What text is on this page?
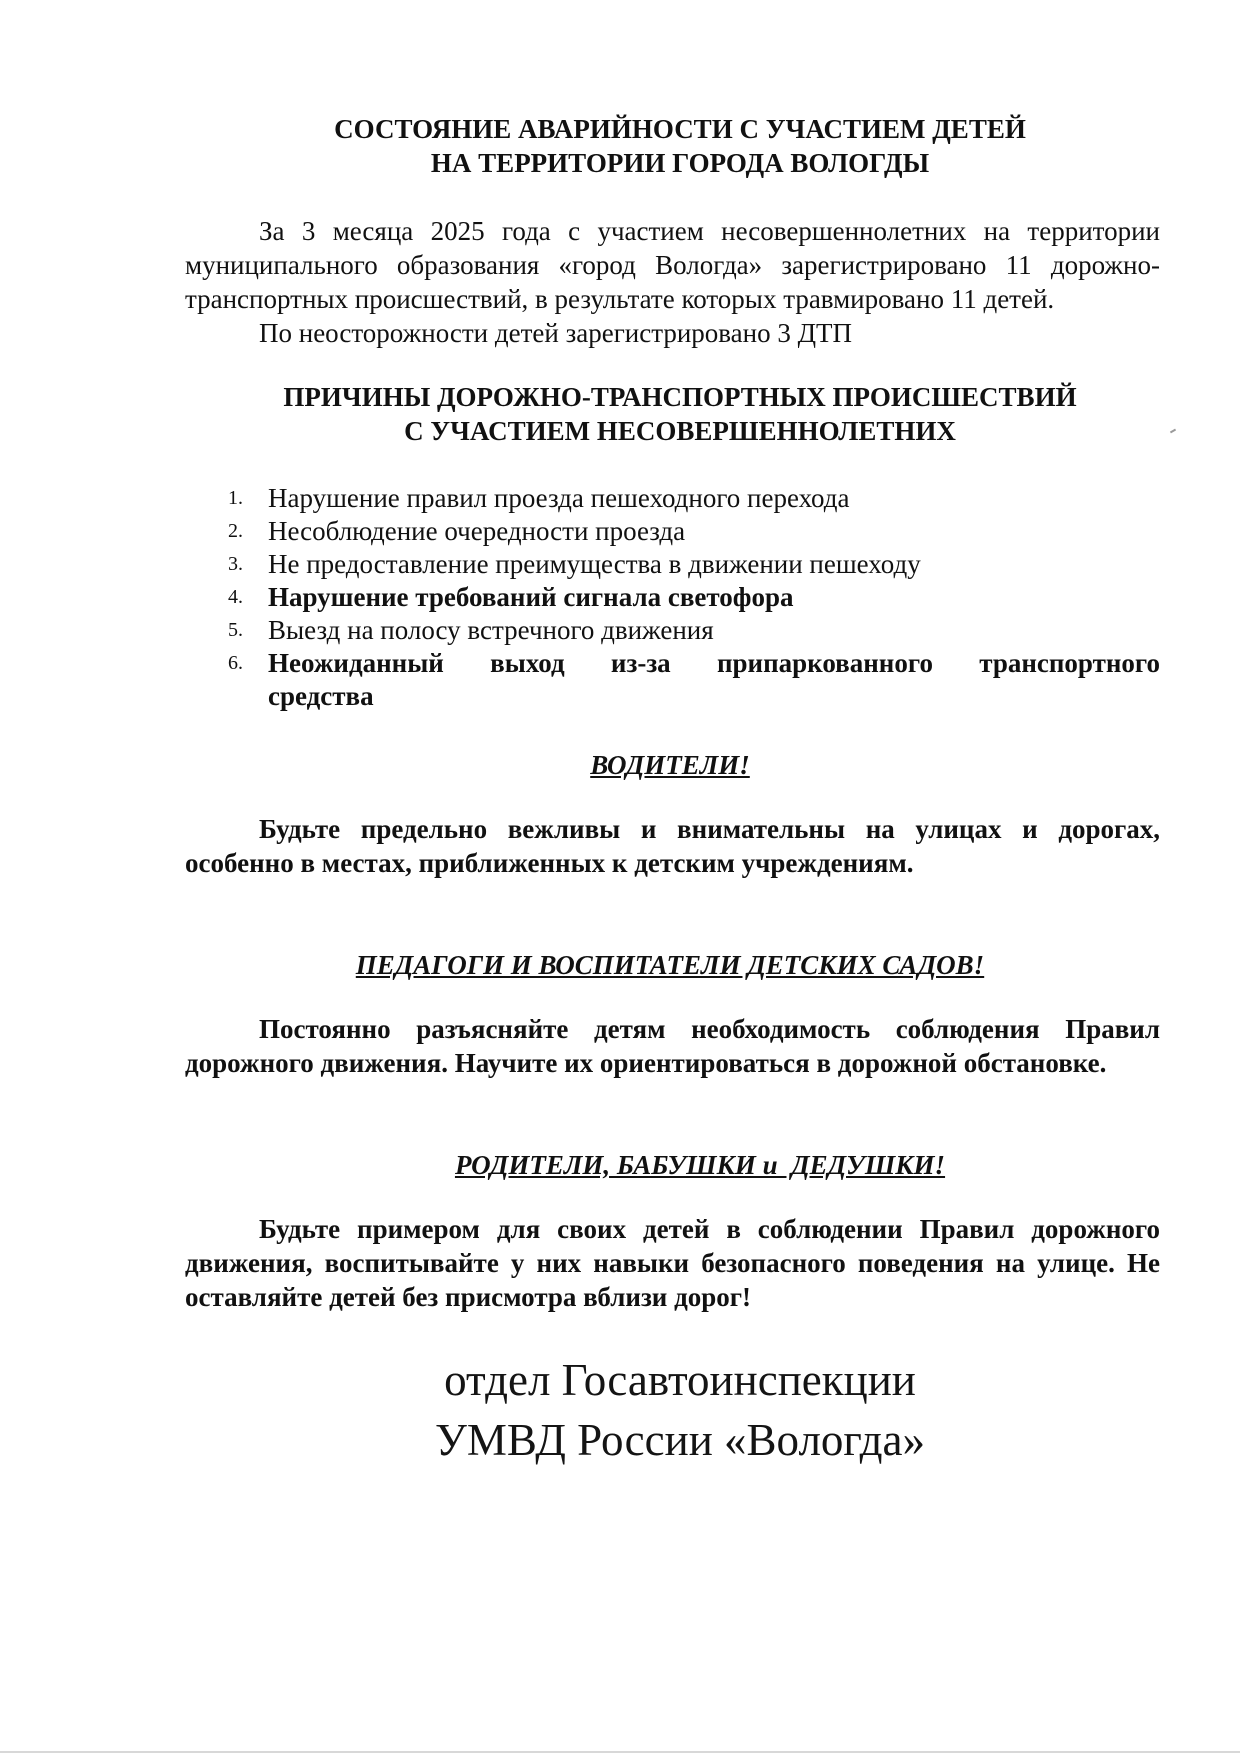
СОСТОЯНИЕ АВАРИЙНОСТИ С УЧАСТИЕМ ДЕТЕЙ
НА ТЕРРИТОРИИ ГОРОДА ВОЛОГДЫ

За 3 месяца 2025 года с участием несовершеннолетних на территории муниципального образования «город Вологда» зарегистрировано 11 дорожно-транспортных происшествий, в результате которых травмировано 11 детей.

По неосторожности детей зарегистрировано 3 ДТП

ПРИЧИНЫ ДОРОЖНО-ТРАНСПОРТНЫХ ПРОИСШЕСТВИЙ
С УЧАСТИЕМ НЕСОВЕРШЕННОЛЕТНИХ
1. Нарушение правил проезда пешеходного перехода
2. Несоблюдение очередности проезда
3. Не предоставление преимущества в движении пешеходу
4. Нарушение требований сигнала светофора
5. Выезд на полосу встречного движения
6. Неожиданный выход из-за припаркованного транспортного
средства

ВОДИТЕЛИ!

Будьте предельно вежливы и внимательны на улицах и дорогах, особенно в местах, приближенных к детским учреждениям.

ПЕДАГОГИ И ВОСПИТАТЕЛИ ДЕТСКИХ САДОВ!

Постоянно разъясняйте детям необходимость соблюдения Правил дорожного движения. Научите их ориентироваться в дорожной обстановке.

РОДИТЕЛИ, БАБУШКИ и  ДЕДУШКИ!

Будьте примером для своих детей в соблюдении Правил дорожного движения, воспитывайте у них навыки безопасного поведения на улице. Не оставляйте детей без присмотра вблизи дорог!

отдел Госавтоинспекции
УМВД России «Вологда»
